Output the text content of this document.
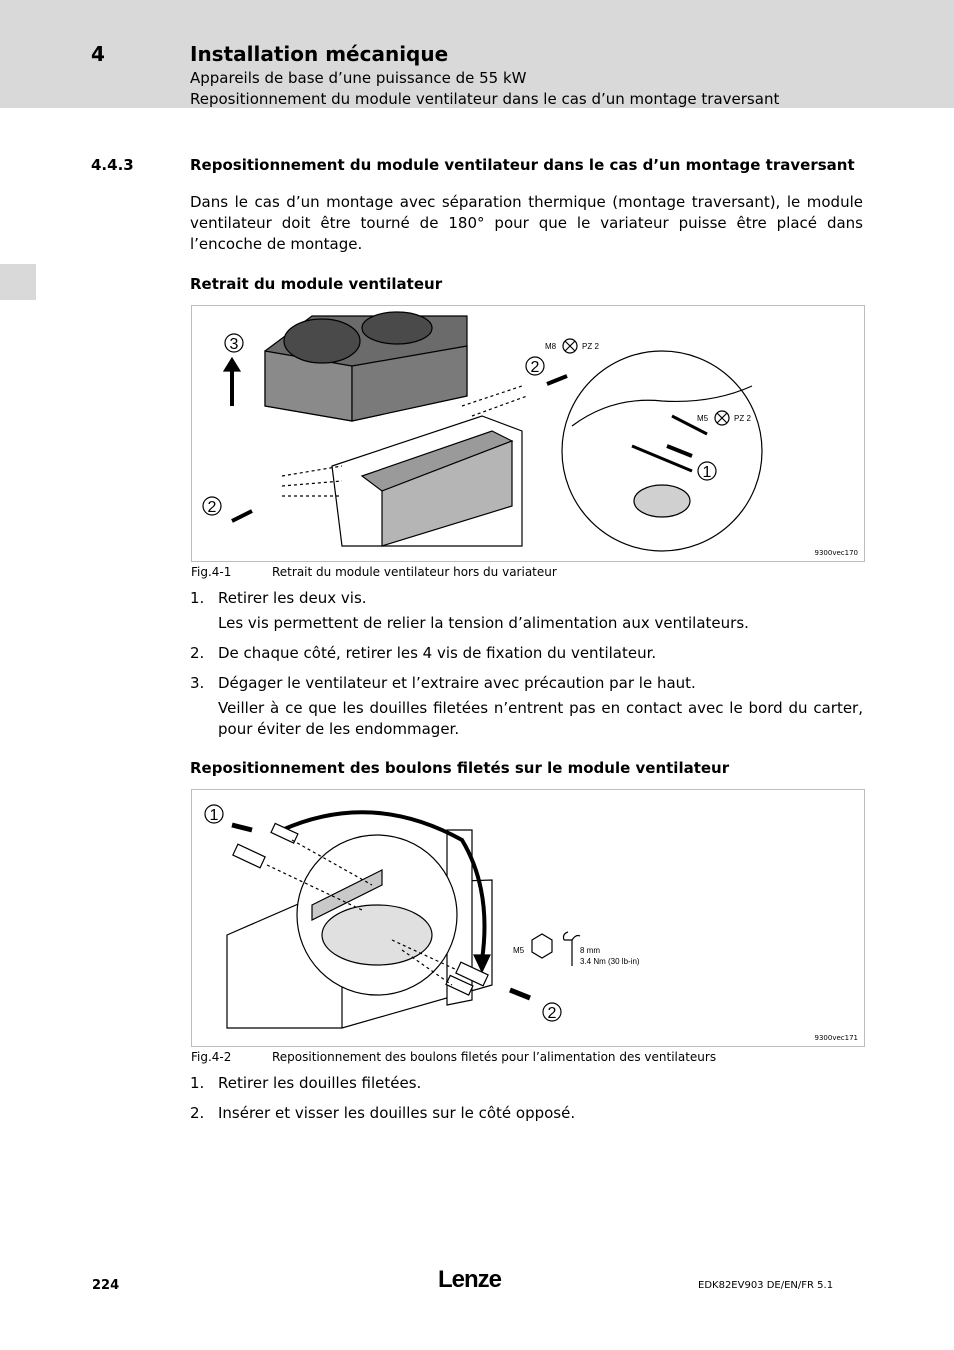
4	Installation mécanique
Appareils de base d’une puissance de 55 kW
Repositionnement du module ventilateur dans le cas d’un montage traversant
4.4.3	Repositionnement du module ventilateur dans le cas d’un montage traversant
Dans le cas d’un montage avec séparation thermique (montage traversant), le module ventilateur doit être tourné de 180° pour que le variateur puisse être placé dans l’encoche de montage.
Retrait du module ventilateur
3
2
2
1
M8	PZ 2
M5	PZ 2
9300vec170
Fig.4-1	Retrait du module ventilateur hors du variateur
1. Retirer les deux vis.
Les vis permettent de relier la tension d’alimentation aux ventilateurs.
2. De chaque côté, retirer les 4 vis de fixation du ventilateur.
3. Dégager le ventilateur et l’extraire avec précaution par le haut.
Veiller à ce que les douilles filetées n’entrent pas en contact avec le bord du carter, pour éviter de les endommager.
Repositionnement des boulons filetés sur le module ventilateur
1
2
M5	8 mm
3.4 Nm (30 lb-in)
9300vec171
Fig.4-2	Repositionnement des boulons filetés pour l’alimentation des ventilateurs
1. Retirer les douilles filetées.
2. Insérer et visser les douilles sur le côté opposé.
224	Lenze	EDK82EV903 DE/EN/FR 5.1
